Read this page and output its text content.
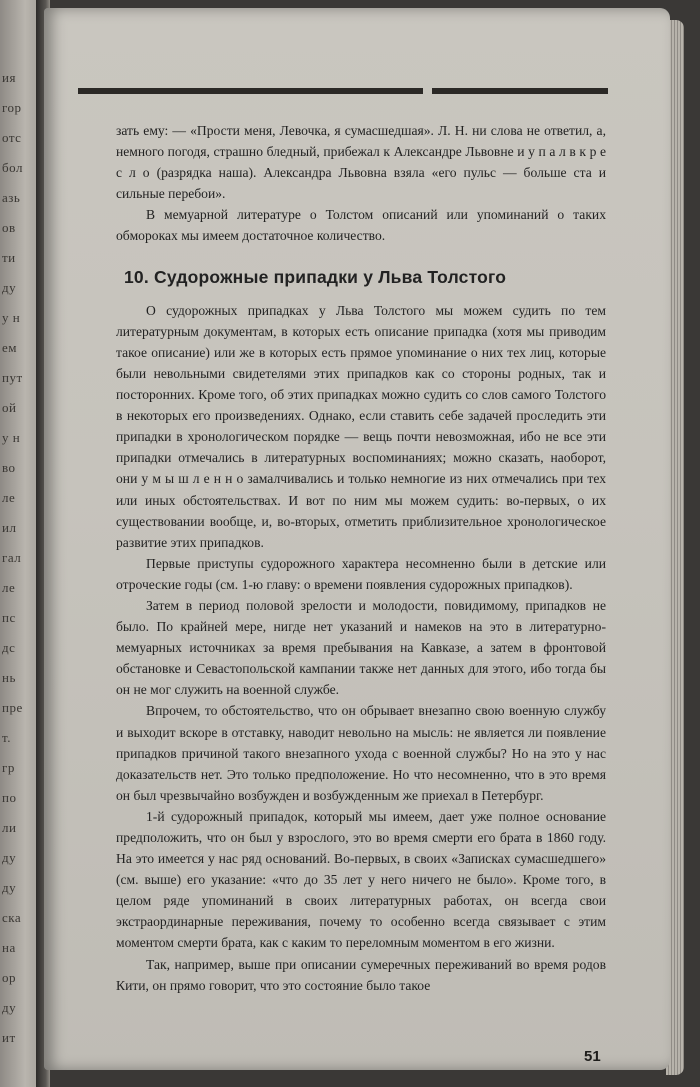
ия
гор
отс
бол
азь
ов
ти
ду
у н
ем
пут
ой
у н
во
ле
ил
гал
ле
пс
дс
нь
пре
т.
гр
по
ли
ду
ду
ска
на
ор
ду
ит

зать ему: — «Прости меня, Левочка, я сумасшедшая». Л. Н. ни слова не ответил, а, немного погодя, страшно бледный, прибежал к Александре Львовне и у п а л в к р е с л о (разрядка наша). Александра Львовна взяла «его пульс — больше ста и сильные перебои».

В мемуарной литературе о Толстом описаний или упоминаний о таких обмороках мы имеем достаточное количество.

10. Судорожные припадки у Льва Толстого

О судорожных припадках у Льва Толстого мы можем судить по тем литературным документам, в которых есть описание припадка (хотя мы приводим такое описание) или же в которых есть прямое упоминание о них тех лиц, которые были невольными свидетелями этих припадков как со стороны родных, так и посторонних. Кроме того, об этих припадках можно судить со слов самого Толстого в некоторых его произведениях. Однако, если ставить себе задачей проследить эти припадки в хронологическом порядке — вещь почти невозможная, ибо не все эти припадки отмечались в литературных воспоминаниях; можно сказать, наоборот, они у м ы ш л е н н о замалчивались и только немногие из них отмечались при тех или иных обстоятельствах. И вот по ним мы можем судить: во-первых, о их существовании вообще, и, во-вторых, отметить приблизительное хронологическое развитие этих припадков.

Первые приступы судорожного характера несомненно были в детские или отроческие годы (см. 1-ю главу: о времени появления судорожных припадков).

Затем в период половой зрелости и молодости, повидимому, припадков не было. По крайней мере, нигде нет указаний и намеков на это в литературно-мемуарных источниках за время пребывания на Кавказе, а затем в фронтовой обстановке и Севастопольской кампании также нет данных для этого, ибо тогда бы он не мог служить на военной службе.

Впрочем, то обстоятельство, что он обрывает внезапно свою военную службу и выходит вскоре в отставку, наводит невольно на мысль: не является ли появление припадков причиной такого внезапного ухода с военной службы? Но на это у нас доказательств нет. Это только предположение. Но что несомненно, что в это время он был чрезвычайно возбужден и возбужденным же приехал в Петербург.

1-й судорожный припадок, который мы имеем, дает уже полное основание предположить, что он был у взрослого, это во время смерти его брата в 1860 году. На это имеется у нас ряд оснований. Во-первых, в своих «Записках сумасшедшего» (см. выше) его указание: «что до 35 лет у него ничего не было». Кроме того, в целом ряде упоминаний в своих литературных работах, он всегда свои экстраординарные переживания, почему то особенно всегда связывает с этим моментом смерти брата, как с каким то переломным моментом в его жизни.

Так, например, выше при описании сумеречных переживаний во время родов Кити, он прямо говорит, что это состояние было такое

51
